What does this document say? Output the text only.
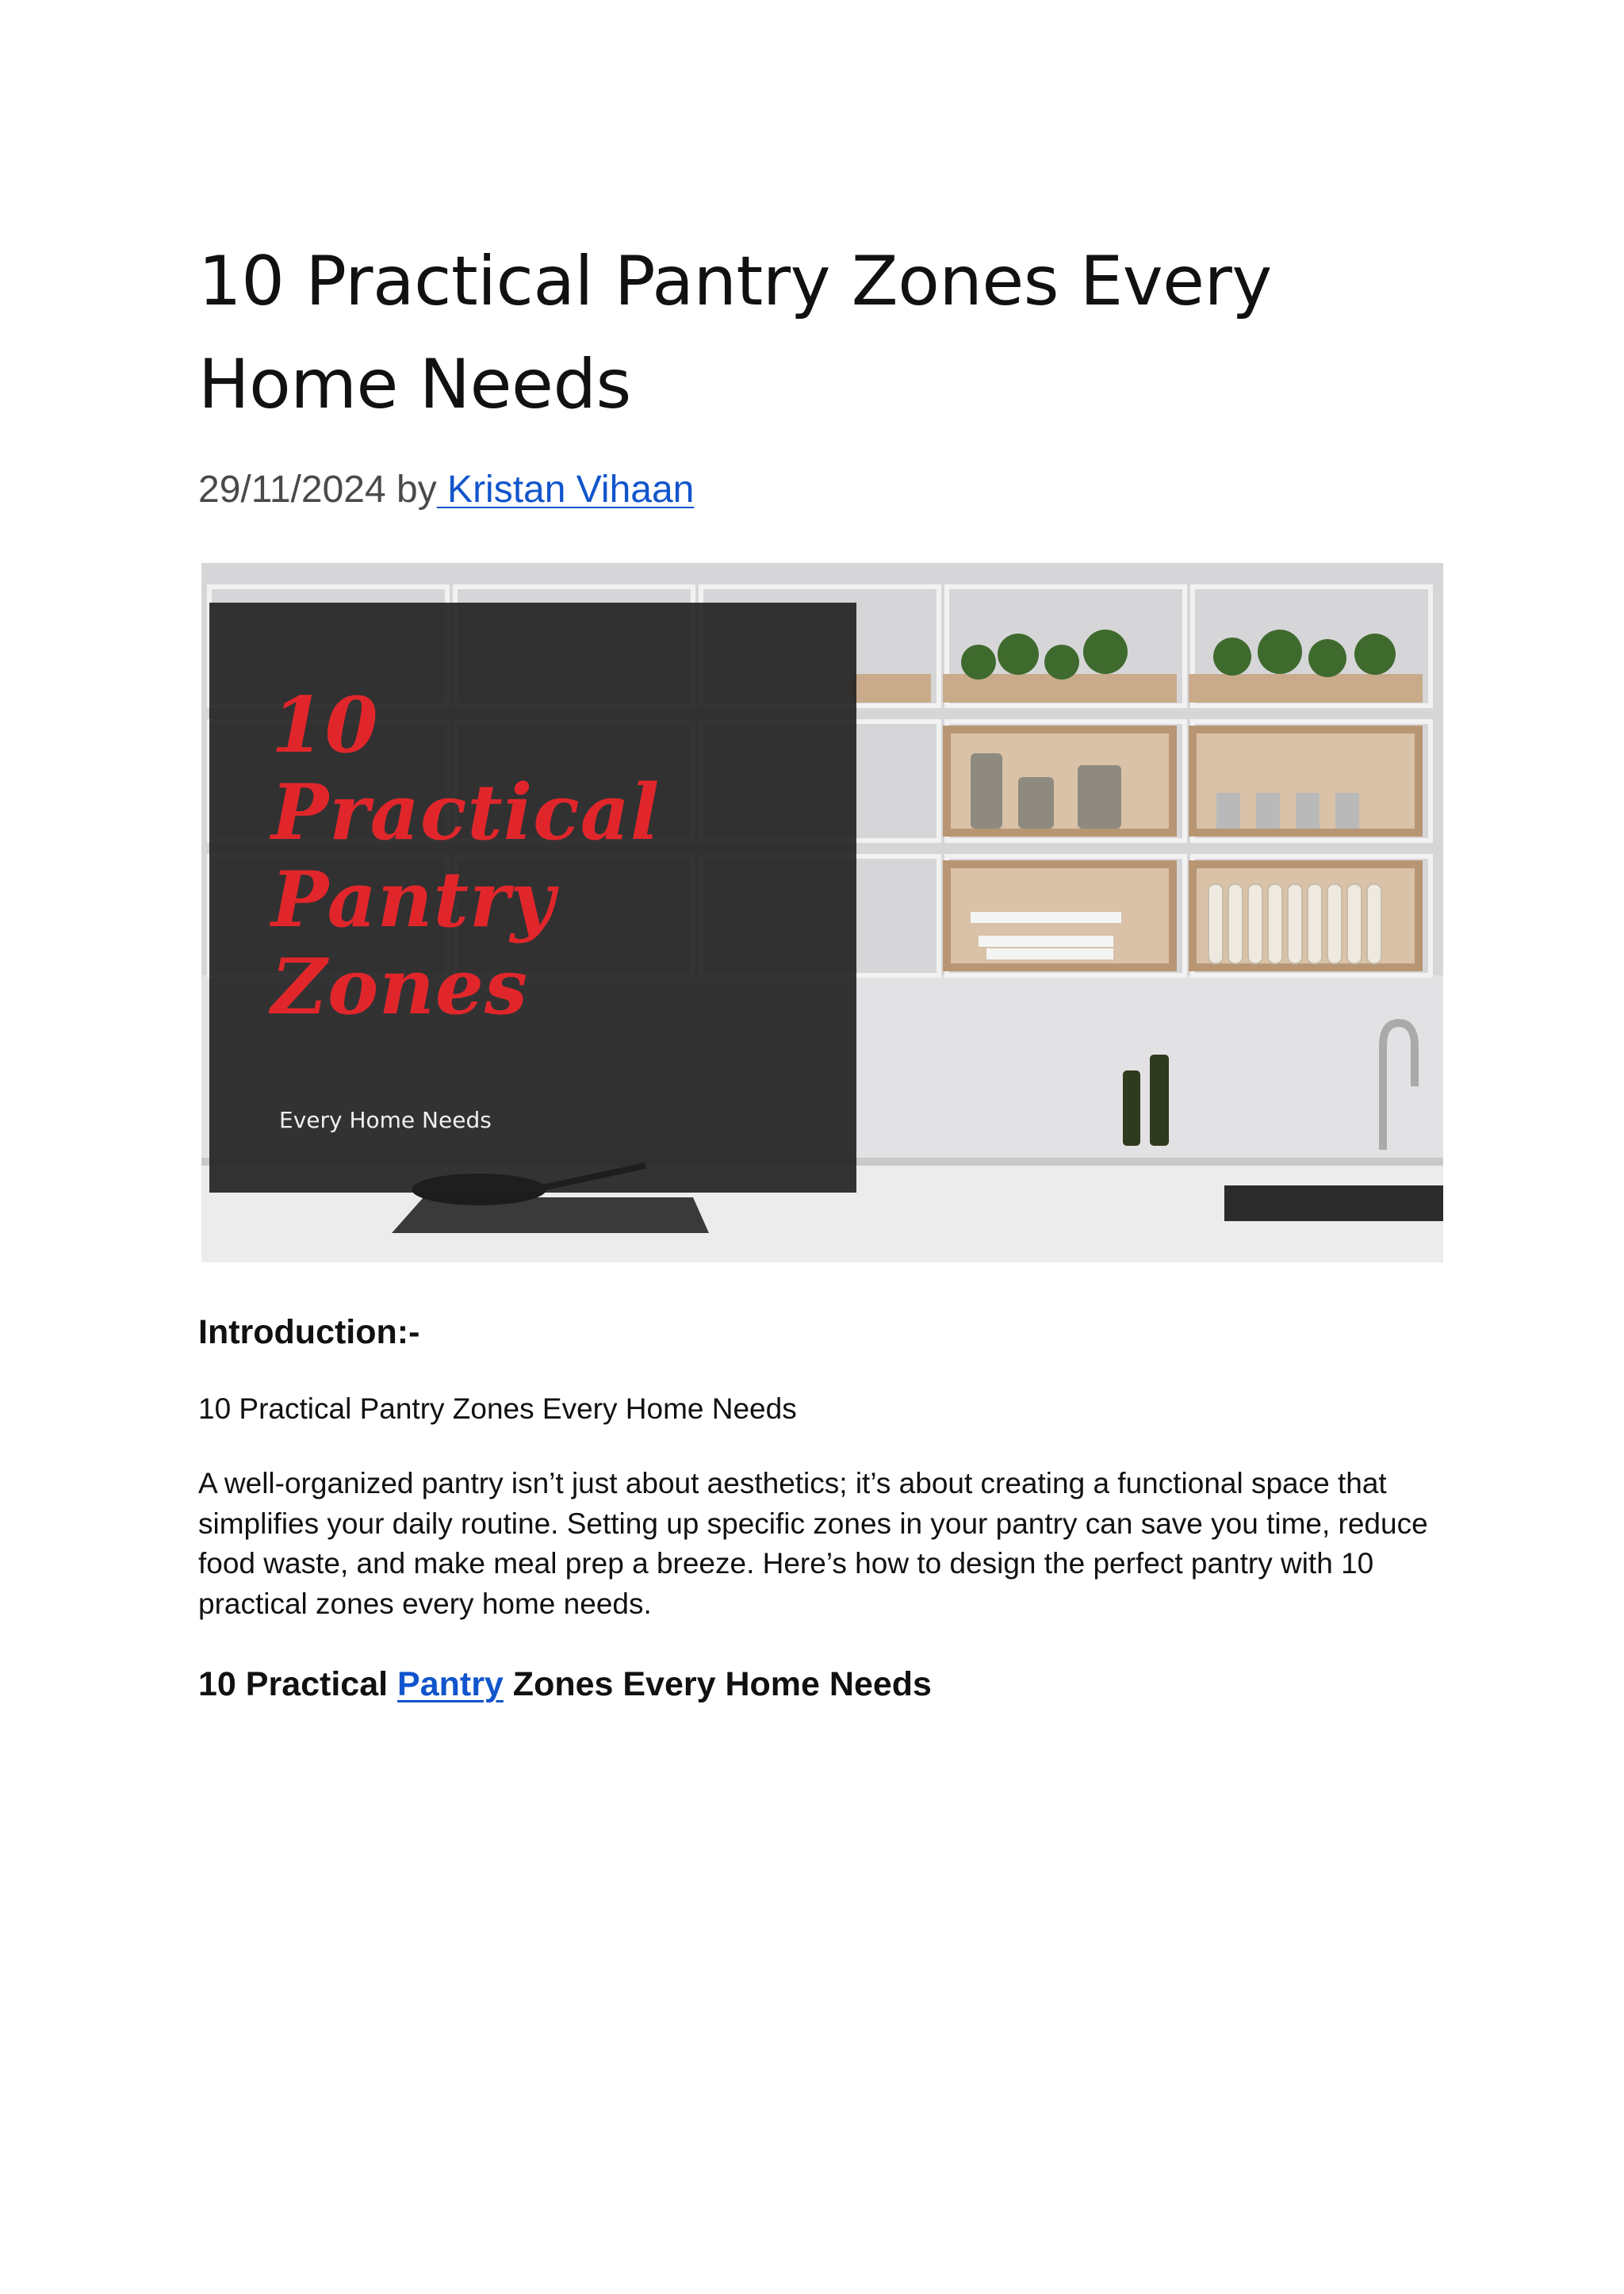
10 Practical Pantry Zones Every Home Needs
29/11/2024 by Kristan Vihaan
10
Practical
Pantry
Zones
Every Home Needs
Introduction:-

10 Practical Pantry Zones Every Home Needs

A well-organized pantry isn’t just about aesthetics; it’s about creating a functional space that simplifies your daily routine. Setting up specific zones in your pantry can save you time, reduce food waste, and make meal prep a breeze. Here’s how to design the perfect pantry with 10 practical zones every home needs.

10 Practical Pantry Zones Every Home Needs
